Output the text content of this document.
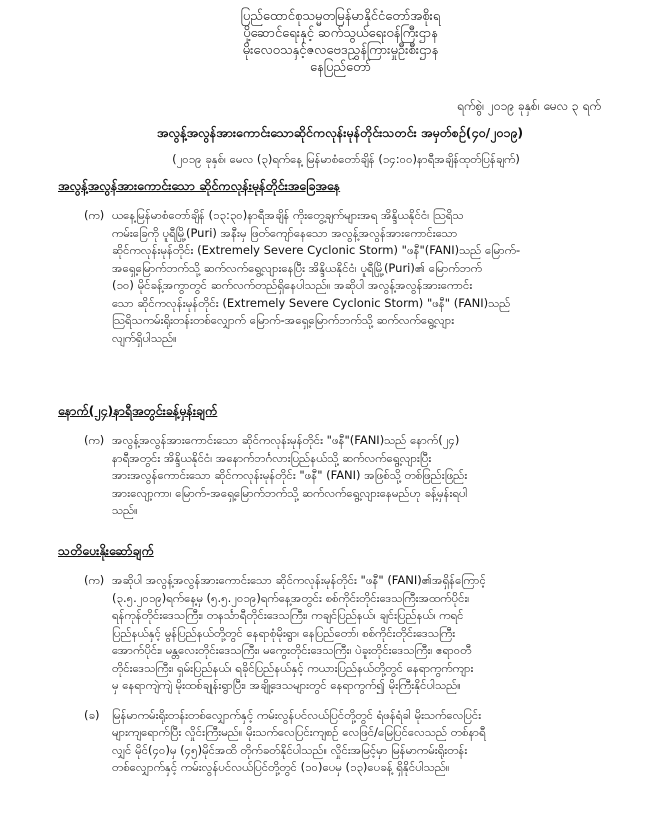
ပြည်ထောင်စုသမ္မတမြန်မာနိုင်ငံတော်အစိုးရ
ပို့ဆောင်ရေးနှင့် ဆက်သွယ်ရေးဝန်ကြီးဌာန
မိုးလေဝသနှင့်ဇလဗေဒညွှန်ကြားမှုဦးစီးဌာန
နေပြည်တော်
ရက်စွဲ၊ ၂၀၁၉ ခုနှစ်၊ မေလ ၃ ရက်
အလွန့်အလွန်အားကောင်းသောဆိုင်ကလုန်းမုန်တိုင်းသတင်း အမှတ်စဉ်(၄၀/၂၀၁၉)
(၂၀၁၉ ခုနှစ်၊ မေလ (၃)ရက်နေ့ မြန်မာစံတော်ချိန် (၁၄:၀၀)နာရီအချိန်ထုတ်ပြန်ချက်)
အလွန့်အလွန်အားကောင်းသော ဆိုင်ကလုန်းမုန်တိုင်းအခြေအနေ
(က) ယနေ့မြန်မာစံတော်ချိန် (၁၃:၃၀)နာရီအချိန် ကိုးတွေ့ချက်များအရ အိန္ဒိယနိုင်ငံ၊ ဩရိသ
ကမ်းခြေကို ပူရီမြို့(Puri) အနီးမှ ဖြတ်ကျော်နေသော အလွန့်အလွန်အားကောင်းသော
ဆိုင်ကလုန်းမုန်တိုင်း (Extremely Severe Cyclonic Storm) "ဖနီ"(FANI)သည် မြောက်-
အရှေ့မြောက်ဘက်သို့ ဆက်လက်ရွေ့လျားနေပြီး အိန္ဒိယနိုင်ငံ၊ ပူရီမြို့(Puri)၏ မြောက်ဘက်
(၁၀) မိုင်ခန့်အကွာတွင် ဆက်လက်တည်ရှိနေပါသည်။ အဆိုပါ အလွန့်အလွန်အားကောင်း
သော ဆိုင်ကလုန်းမုန်တိုင်း (Extremely Severe Cyclonic Storm) "ဖနီ" (FANI)သည်
ဩရိသကမ်းရိုးတန်းတစ်လျှောက် မြောက်-အရှေ့မြောက်ဘက်သို့ ဆက်လက်ရွေ့လျား
လျက်ရှိပါသည်။
နောက်(၂၄)နာရီအတွင်းခန့်မှန်းချက်
(က) အလွန့်အလွန်အားကောင်းသော ဆိုင်ကလုန်းမုန်တိုင်း "ဖနီ"(FANI)သည် နောက်(၂၄)
နာရီအတွင်း အိန္ဒိယနိုင်ငံ၊ အနောက်ဘင်္ဂလားပြည်နယ်သို့ ဆက်လက်ရွေ့လျားပြီး
အားအလွန်ကောင်းသော ဆိုင်ကလုန်းမုန်တိုင်း "ဖနီ" (FANI) အဖြစ်သို့ တစ်ဖြည်းဖြည်း
အားလျော့ကာ၊ မြောက်-အရှေ့မြောက်ဘက်သို့ ဆက်လက်ရွေ့လျားနေမည်ဟု ခန့်မှန်းရပါ
သည်။
သတိပေးနိုးဆော်ချက်
(က) အဆိုပါ အလွန့်အလွန်အားကောင်းသော ဆိုင်ကလုန်းမုန်တိုင်း "ဖနီ" (FANI)၏အရှိန်ကြောင့်
(၃.၅.၂၀၁၉)ရက်နေ့မှ (၅.၅.၂၀၁၉)ရက်နေ့အတွင်း စစ်ကိုင်းတိုင်းဒေသကြီးအထက်ပိုင်း၊
ရန်ကုန်တိုင်းဒေသကြီး၊ တနင်္သာရီတိုင်းဒေသကြီး၊ ကချင်ပြည်နယ်၊ ချင်းပြည်နယ်၊ ကရင်
ပြည်နယ်နှင့် မွန်ပြည်နယ်တို့တွင် နေရာစုံမိုးရွာ၊ နေပြည်တော်၊ စစ်ကိုင်းတိုင်းဒေသကြီး
အောက်ပိုင်း၊ မန္တလေးတိုင်းဒေသကြီး၊ မကွေးတိုင်းဒေသကြီး၊ ပဲခူးတိုင်းဒေသကြီး၊ ဧရာဝတီ
တိုင်းဒေသကြီး၊ ရှမ်းပြည်နယ်၊ ရခိုင်ပြည်နယ်နှင့် ကယားပြည်နယ်တို့တွင် နေရာကွက်ကျား
မှ နေရာကျဲကျဲ မိုးထစ်ချုန်းရွာပြီး၊ အချို့ဒေသများတွင် နေရာကွက်၍ မိုးကြီးနိုင်ပါသည်။
(ခ)	မြန်မာကမ်းရိုးတန်းတစ်လျှောက်နှင့် ကမ်းလွန်ပင်လယ်ပြင်တို့တွင် ရံဖန်ရံခါ မိုးသက်လေပြင်း
များကျရောက်ပြီး လှိုင်းကြီးမည်။ မိုးသက်လေပြင်းကျစဉ် လေဖြင်/မြေပြင်လေသည် တစ်နာရီ
လျှင် မိုင်(၄၀)မှ (၄၅)မိုင်အထိ တိုက်ခတ်နိုင်ပါသည်။ လှိုင်းအမြင့်မှာ မြန်မာကမ်းရိုးတန်း
တစ်လျှောက်နှင့် ကမ်းလွန်ပင်လယ်ပြင်တို့တွင် (၁၀)ပေမှ (၁၃)ပေခန့် ရှိနိုင်ပါသည်။
